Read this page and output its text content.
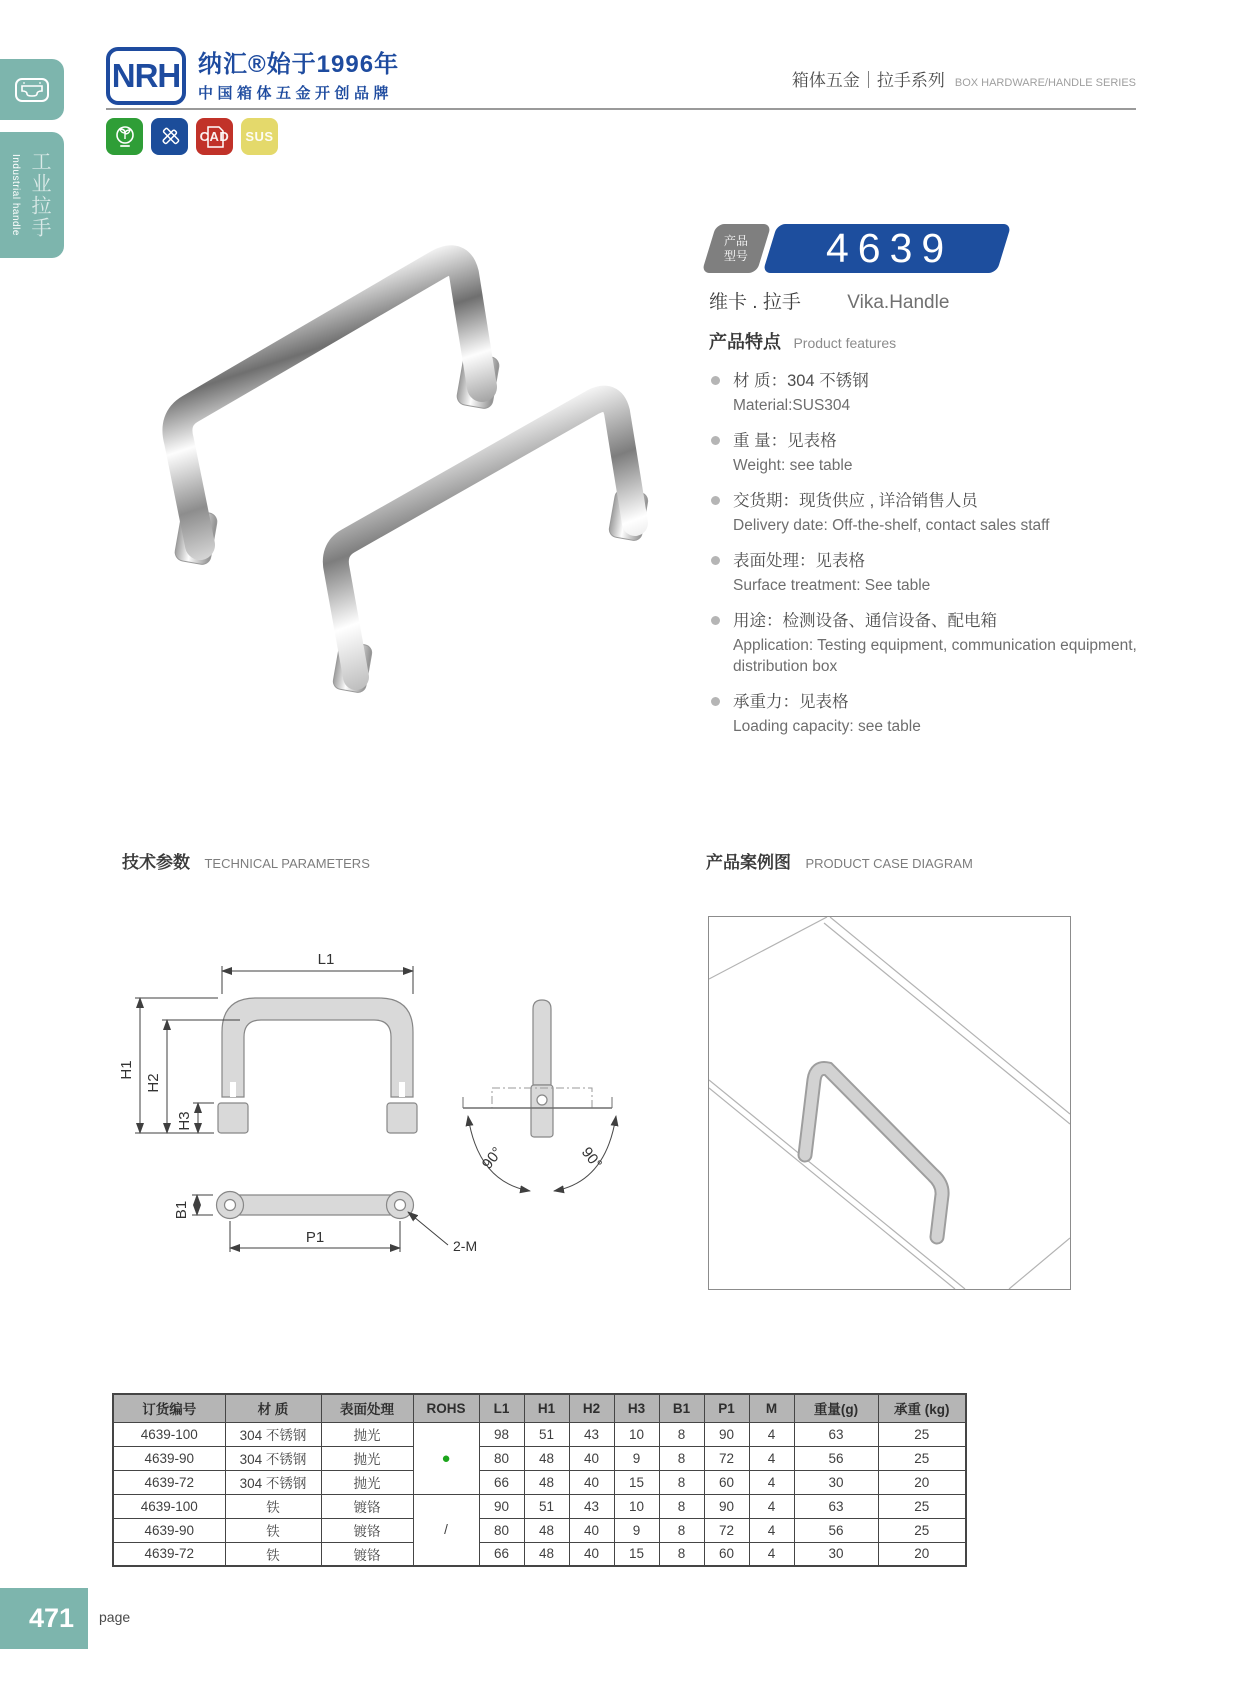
Industrial handle 工业拉手
NRH 纳汇®始于1996年
中国箱体五金开创品牌
箱体五金｜拉手系列 BOX HARDWARE/HANDLE SERIES
CAD SUS
产品
型号 4639
维卡 . 拉手 Vika.Handle
产品特点 Product features
材 质：304 不锈钢
Material:SUS304
重 量：见表格
Weight: see table
交货期：现货供应 , 详洽销售人员
Delivery date: Off-the-shelf, contact sales staff
表面处理：见表格
Surface treatment: See table
用途：检测设备、通信设备、配电箱
Application: Testing equipment, communication equipment, distribution box
承重力：见表格
Loading capacity: see table
技术参数 TECHNICAL PARAMETERS	产品案例图 PRODUCT CASE DIAGRAM
L1
H1
H2
H3
B1
P1	2-M
90°	90°
订货编号	材 质	表面处理	ROHS	L1	H1	H2	H3	B1	P1	M	重量(g)	承重 (kg)
4639-100	304 不锈钢	抛光	●	98	51	43	10	8	90	4	63	25
4639-90	304 不锈钢	抛光		80	48	40	9	8	72	4	56	25
4639-72	304 不锈钢	抛光		66	48	40	15	8	60	4	30	20
4639-100	铁	镀铬	/	90	51	43	10	8	90	4	63	25
4639-90	铁	镀铬		80	48	40	9	8	72	4	56	25
4639-72	铁	镀铬		66	48	40	15	8	60	4	30	20
471 page
